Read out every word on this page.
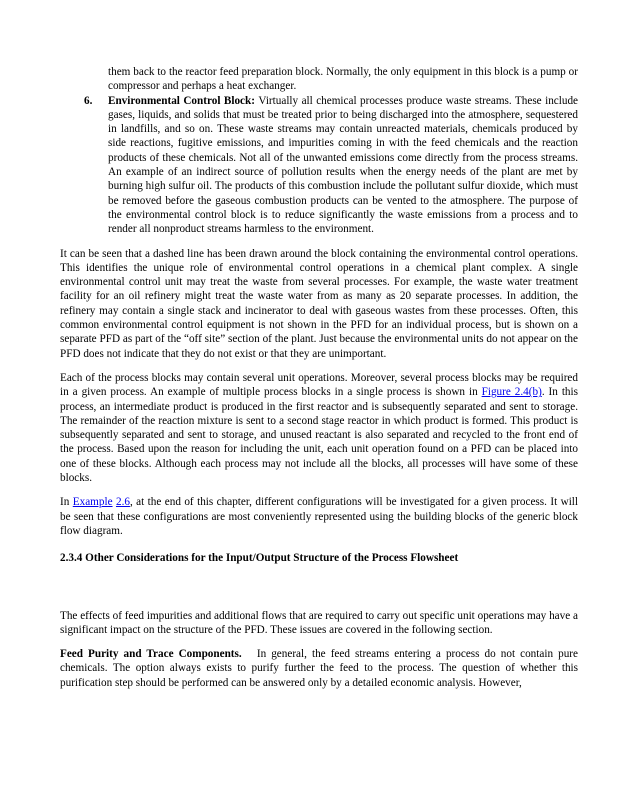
them back to the reactor feed preparation block. Normally, the only equipment in this block is a pump or compressor and perhaps a heat exchanger.

6. Environmental Control Block: Virtually all chemical processes produce waste streams. These include gases, liquids, and solids that must be treated prior to being discharged into the atmosphere, sequestered in landfills, and so on. These waste streams may contain unreacted materials, chemicals produced by side reactions, fugitive emissions, and impurities coming in with the feed chemicals and the reaction products of these chemicals. Not all of the unwanted emissions come directly from the process streams. An example of an indirect source of pollution results when the energy needs of the plant are met by burning high sulfur oil. The products of this combustion include the pollutant sulfur dioxide, which must be removed before the gaseous combustion products can be vented to the atmosphere. The purpose of the environmental control block is to reduce significantly the waste emissions from a process and to render all nonproduct streams harmless to the environment.

It can be seen that a dashed line has been drawn around the block containing the environmental control operations. This identifies the unique role of environmental control operations in a chemical plant complex. A single environmental control unit may treat the waste from several processes. For example, the waste water treatment facility for an oil refinery might treat the waste water from as many as 20 separate processes. In addition, the refinery may contain a single stack and incinerator to deal with gaseous wastes from these processes. Often, this common environmental control equipment is not shown in the PFD for an individual process, but is shown on a separate PFD as part of the “off site” section of the plant. Just because the environmental units do not appear on the PFD does not indicate that they do not exist or that they are unimportant.

Each of the process blocks may contain several unit operations. Moreover, several process blocks may be required in a given process. An example of multiple process blocks in a single process is shown in Figure 2.4(b). In this process, an intermediate product is produced in the first reactor and is subsequently separated and sent to storage. The remainder of the reaction mixture is sent to a second stage reactor in which product is formed. This product is subsequently separated and sent to storage, and unused reactant is also separated and recycled to the front end of the process. Based upon the reason for including the unit, each unit operation found on a PFD can be placed into one of these blocks. Although each process may not include all the blocks, all processes will have some of these blocks.

In Example 2.6, at the end of this chapter, different configurations will be investigated for a given process. It will be seen that these configurations are most conveniently represented using the building blocks of the generic block flow diagram.

2.3.4 Other Considerations for the Input/Output Structure of the Process Flowsheet

The effects of feed impurities and additional flows that are required to carry out specific unit operations may have a significant impact on the structure of the PFD. These issues are covered in the following section.

Feed Purity and Trace Components. In general, the feed streams entering a process do not contain pure chemicals. The option always exists to purify further the feed to the process. The question of whether this purification step should be performed can be answered only by a detailed economic analysis. However,
